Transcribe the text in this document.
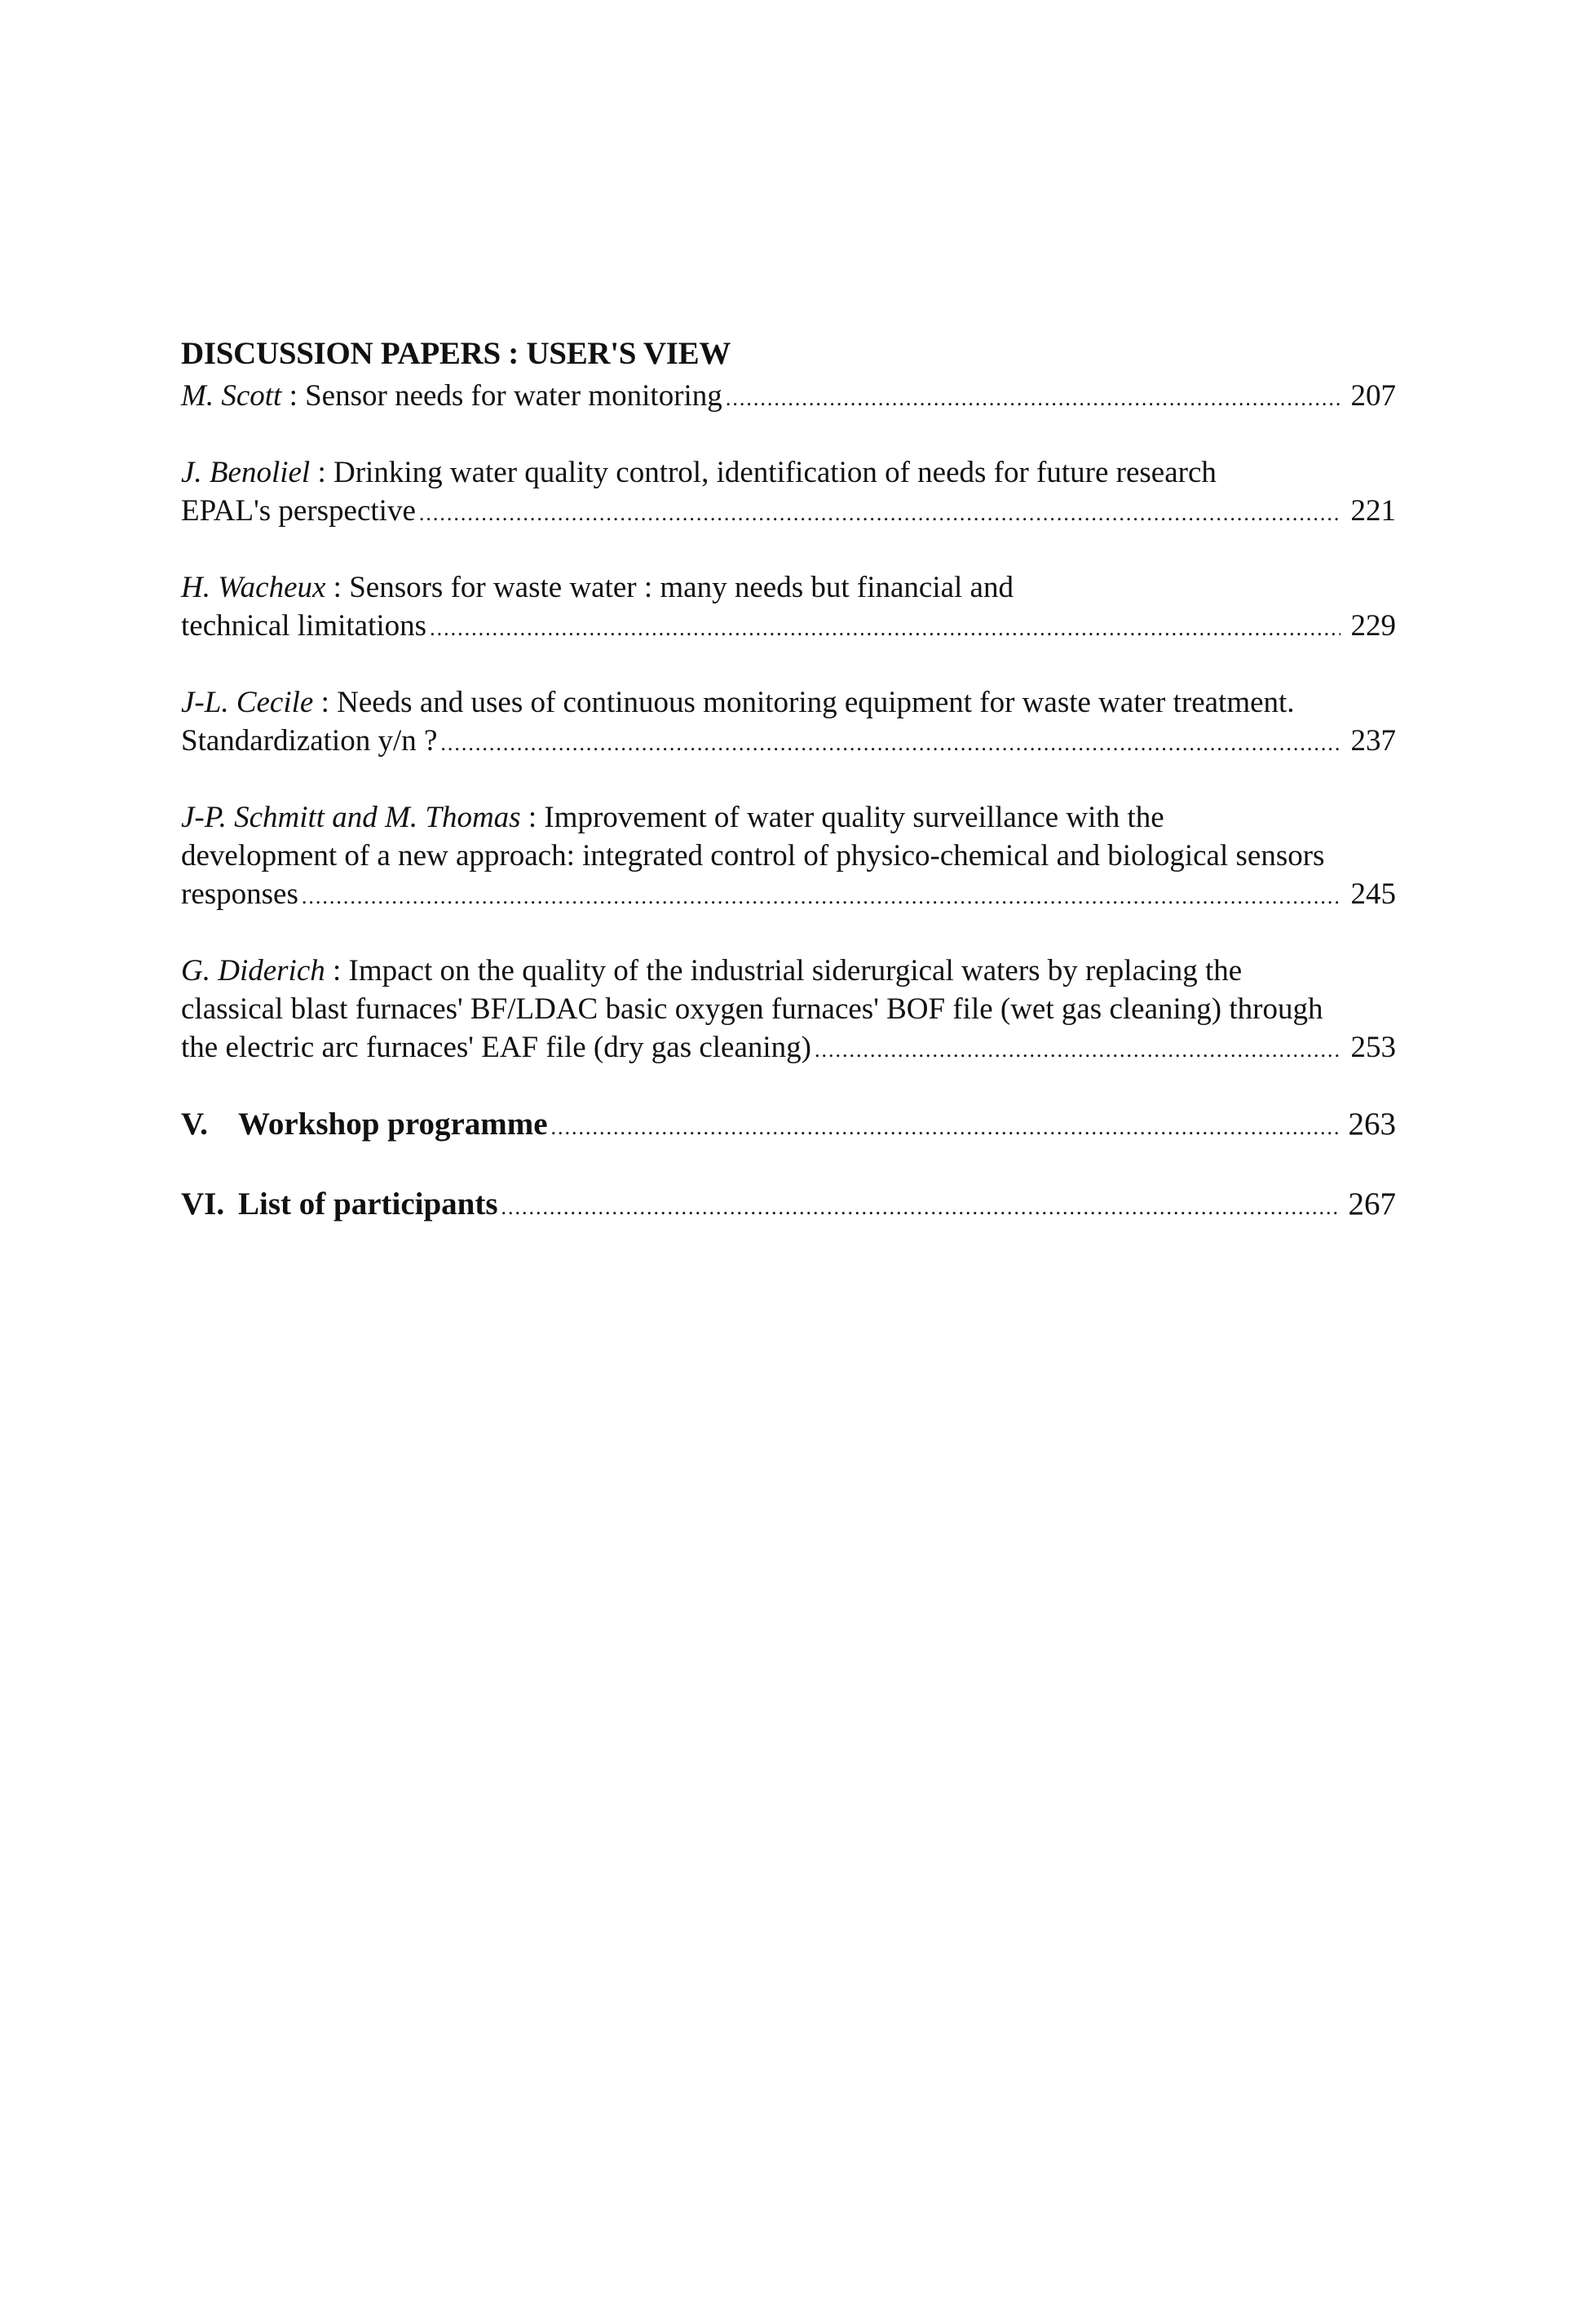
DISCUSSION PAPERS : USER'S VIEW
M. Scott : Sensor needs for water monitoring .....	207
J. Benoliel : Drinking water quality control, identification of needs for future research
EPAL's perspective .....	221
H. Wacheux : Sensors for waste water : many needs but financial and
technical limitations .....	229
J-L. Cecile : Needs and uses of continuous monitoring equipment for waste water treatment.
Standardization y/n ? .....	237
J-P. Schmitt and M. Thomas : Improvement of water quality surveillance with the
development of a new approach: integrated control of physico-chemical and biological sensors
responses .....	245
G. Diderich : Impact on the quality of the industrial siderurgical waters by replacing the
classical blast furnaces' BF/LDAC basic oxygen furnaces' BOF file (wet gas cleaning) through
the electric arc furnaces' EAF file (dry gas cleaning) .....	253
V. Workshop programme .....	263
VI. List of participants .....	267
